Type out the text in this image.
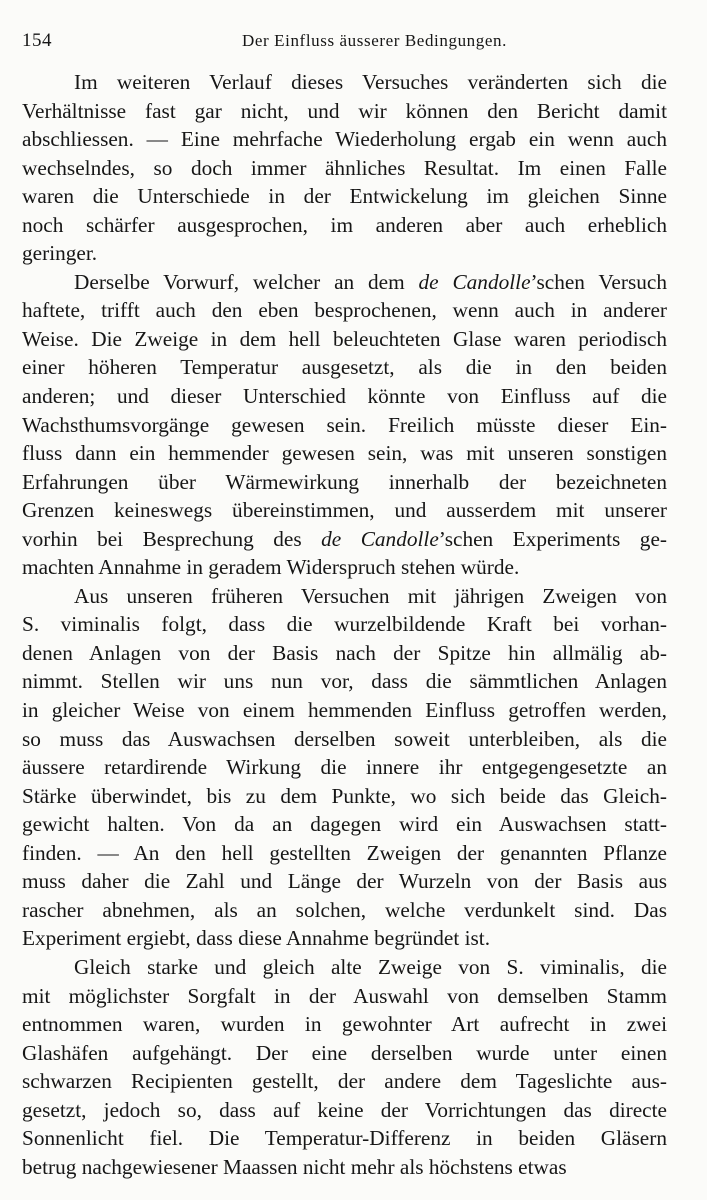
154	Der Einfluss äusserer Bedingungen.
Im weiteren Verlauf dieses Versuches veränderten sich die
Verhältnisse fast gar nicht, und wir können den Bericht damit
abschliessen. — Eine mehrfache Wiederholung ergab ein wenn auch
wechselndes, so doch immer ähnliches Resultat. Im einen Falle
waren die Unterschiede in der Entwickelung im gleichen Sinne
noch schärfer ausgesprochen, im anderen aber auch erheblich
geringer.
Derselbe Vorwurf, welcher an dem de Candolle’schen Versuch
haftete, trifft auch den eben besprochenen, wenn auch in anderer
Weise. Die Zweige in dem hell beleuchteten Glase waren periodisch
einer höheren Temperatur ausgesetzt, als die in den beiden
anderen; und dieser Unterschied könnte von Einfluss auf die
Wachsthumsvorgänge gewesen sein. Freilich müsste dieser Ein-
fluss dann ein hemmender gewesen sein, was mit unseren sonstigen
Erfahrungen über Wärmewirkung innerhalb der bezeichneten
Grenzen keineswegs übereinstimmen, und ausserdem mit unserer
vorhin bei Besprechung des de Candolle’schen Experiments ge-
machten Annahme in geradem Widerspruch stehen würde.
Aus unseren früheren Versuchen mit jährigen Zweigen von
S. viminalis folgt, dass die wurzelbildende Kraft bei vorhan-
denen Anlagen von der Basis nach der Spitze hin allmälig ab-
nimmt. Stellen wir uns nun vor, dass die sämmtlichen Anlagen
in gleicher Weise von einem hemmenden Einfluss getroffen werden,
so muss das Auswachsen derselben soweit unterbleiben, als die
äussere retardirende Wirkung die innere ihr entgegengesetzte an
Stärke überwindet, bis zu dem Punkte, wo sich beide das Gleich-
gewicht halten. Von da an dagegen wird ein Auswachsen statt-
finden. — An den hell gestellten Zweigen der genannten Pflanze
muss daher die Zahl und Länge der Wurzeln von der Basis aus
rascher abnehmen, als an solchen, welche verdunkelt sind. Das
Experiment ergiebt, dass diese Annahme begründet ist.
Gleich starke und gleich alte Zweige von S. viminalis, die
mit möglichster Sorgfalt in der Auswahl von demselben Stamm
entnommen waren, wurden in gewohnter Art aufrecht in zwei
Glashäfen aufgehängt. Der eine derselben wurde unter einen
schwarzen Recipienten gestellt, der andere dem Tageslichte aus-
gesetzt, jedoch so, dass auf keine der Vorrichtungen das directe
Sonnenlicht fiel. Die Temperatur-Differenz in beiden Gläsern
betrug nachgewiesener Maassen nicht mehr als höchstens etwas
